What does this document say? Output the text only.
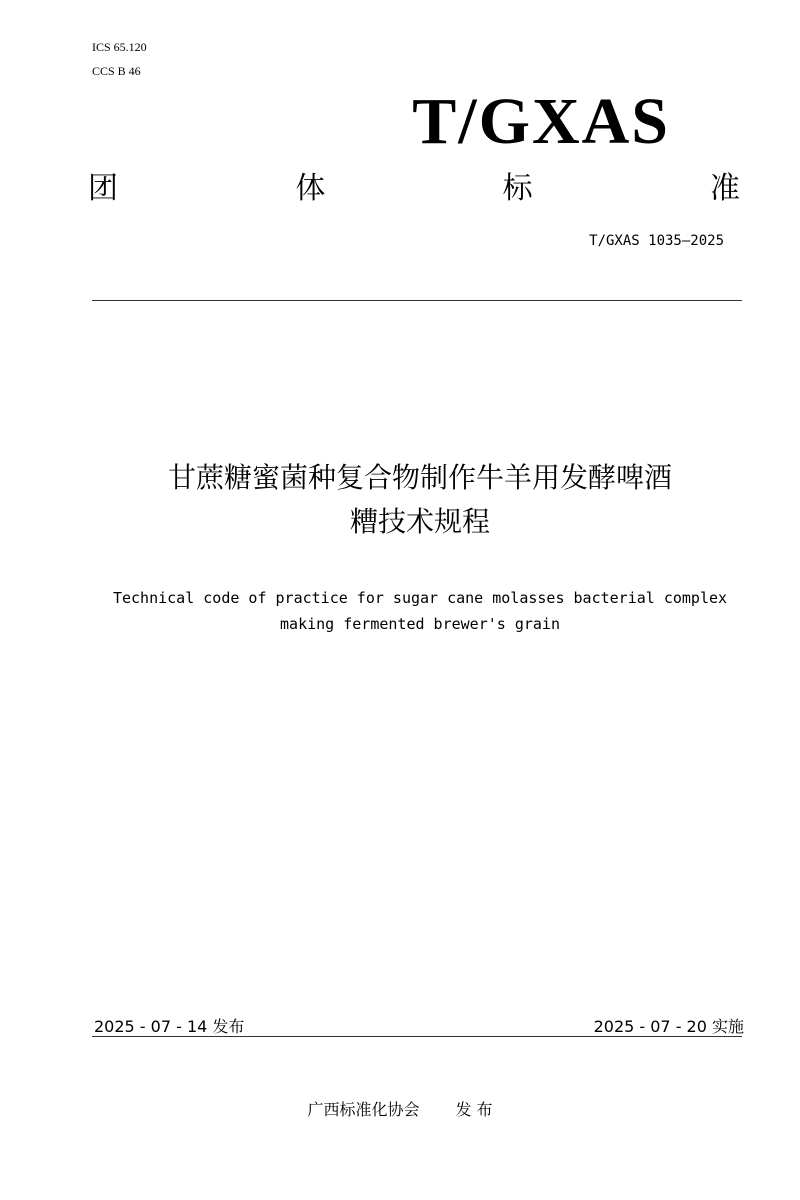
ICS 65.120
CCS B 46
T/GXAS
团	体	标	准
T/GXAS 1035—2025
甘蔗糖蜜菌种复合物制作牛羊用发酵啤酒
糟技术规程
Technical code of practice for sugar cane molasses bacterial complex
making fermented brewer's grain
2025 - 07 - 14 发布	2025 - 07 - 20 实施
广西标准化协会 发 布
